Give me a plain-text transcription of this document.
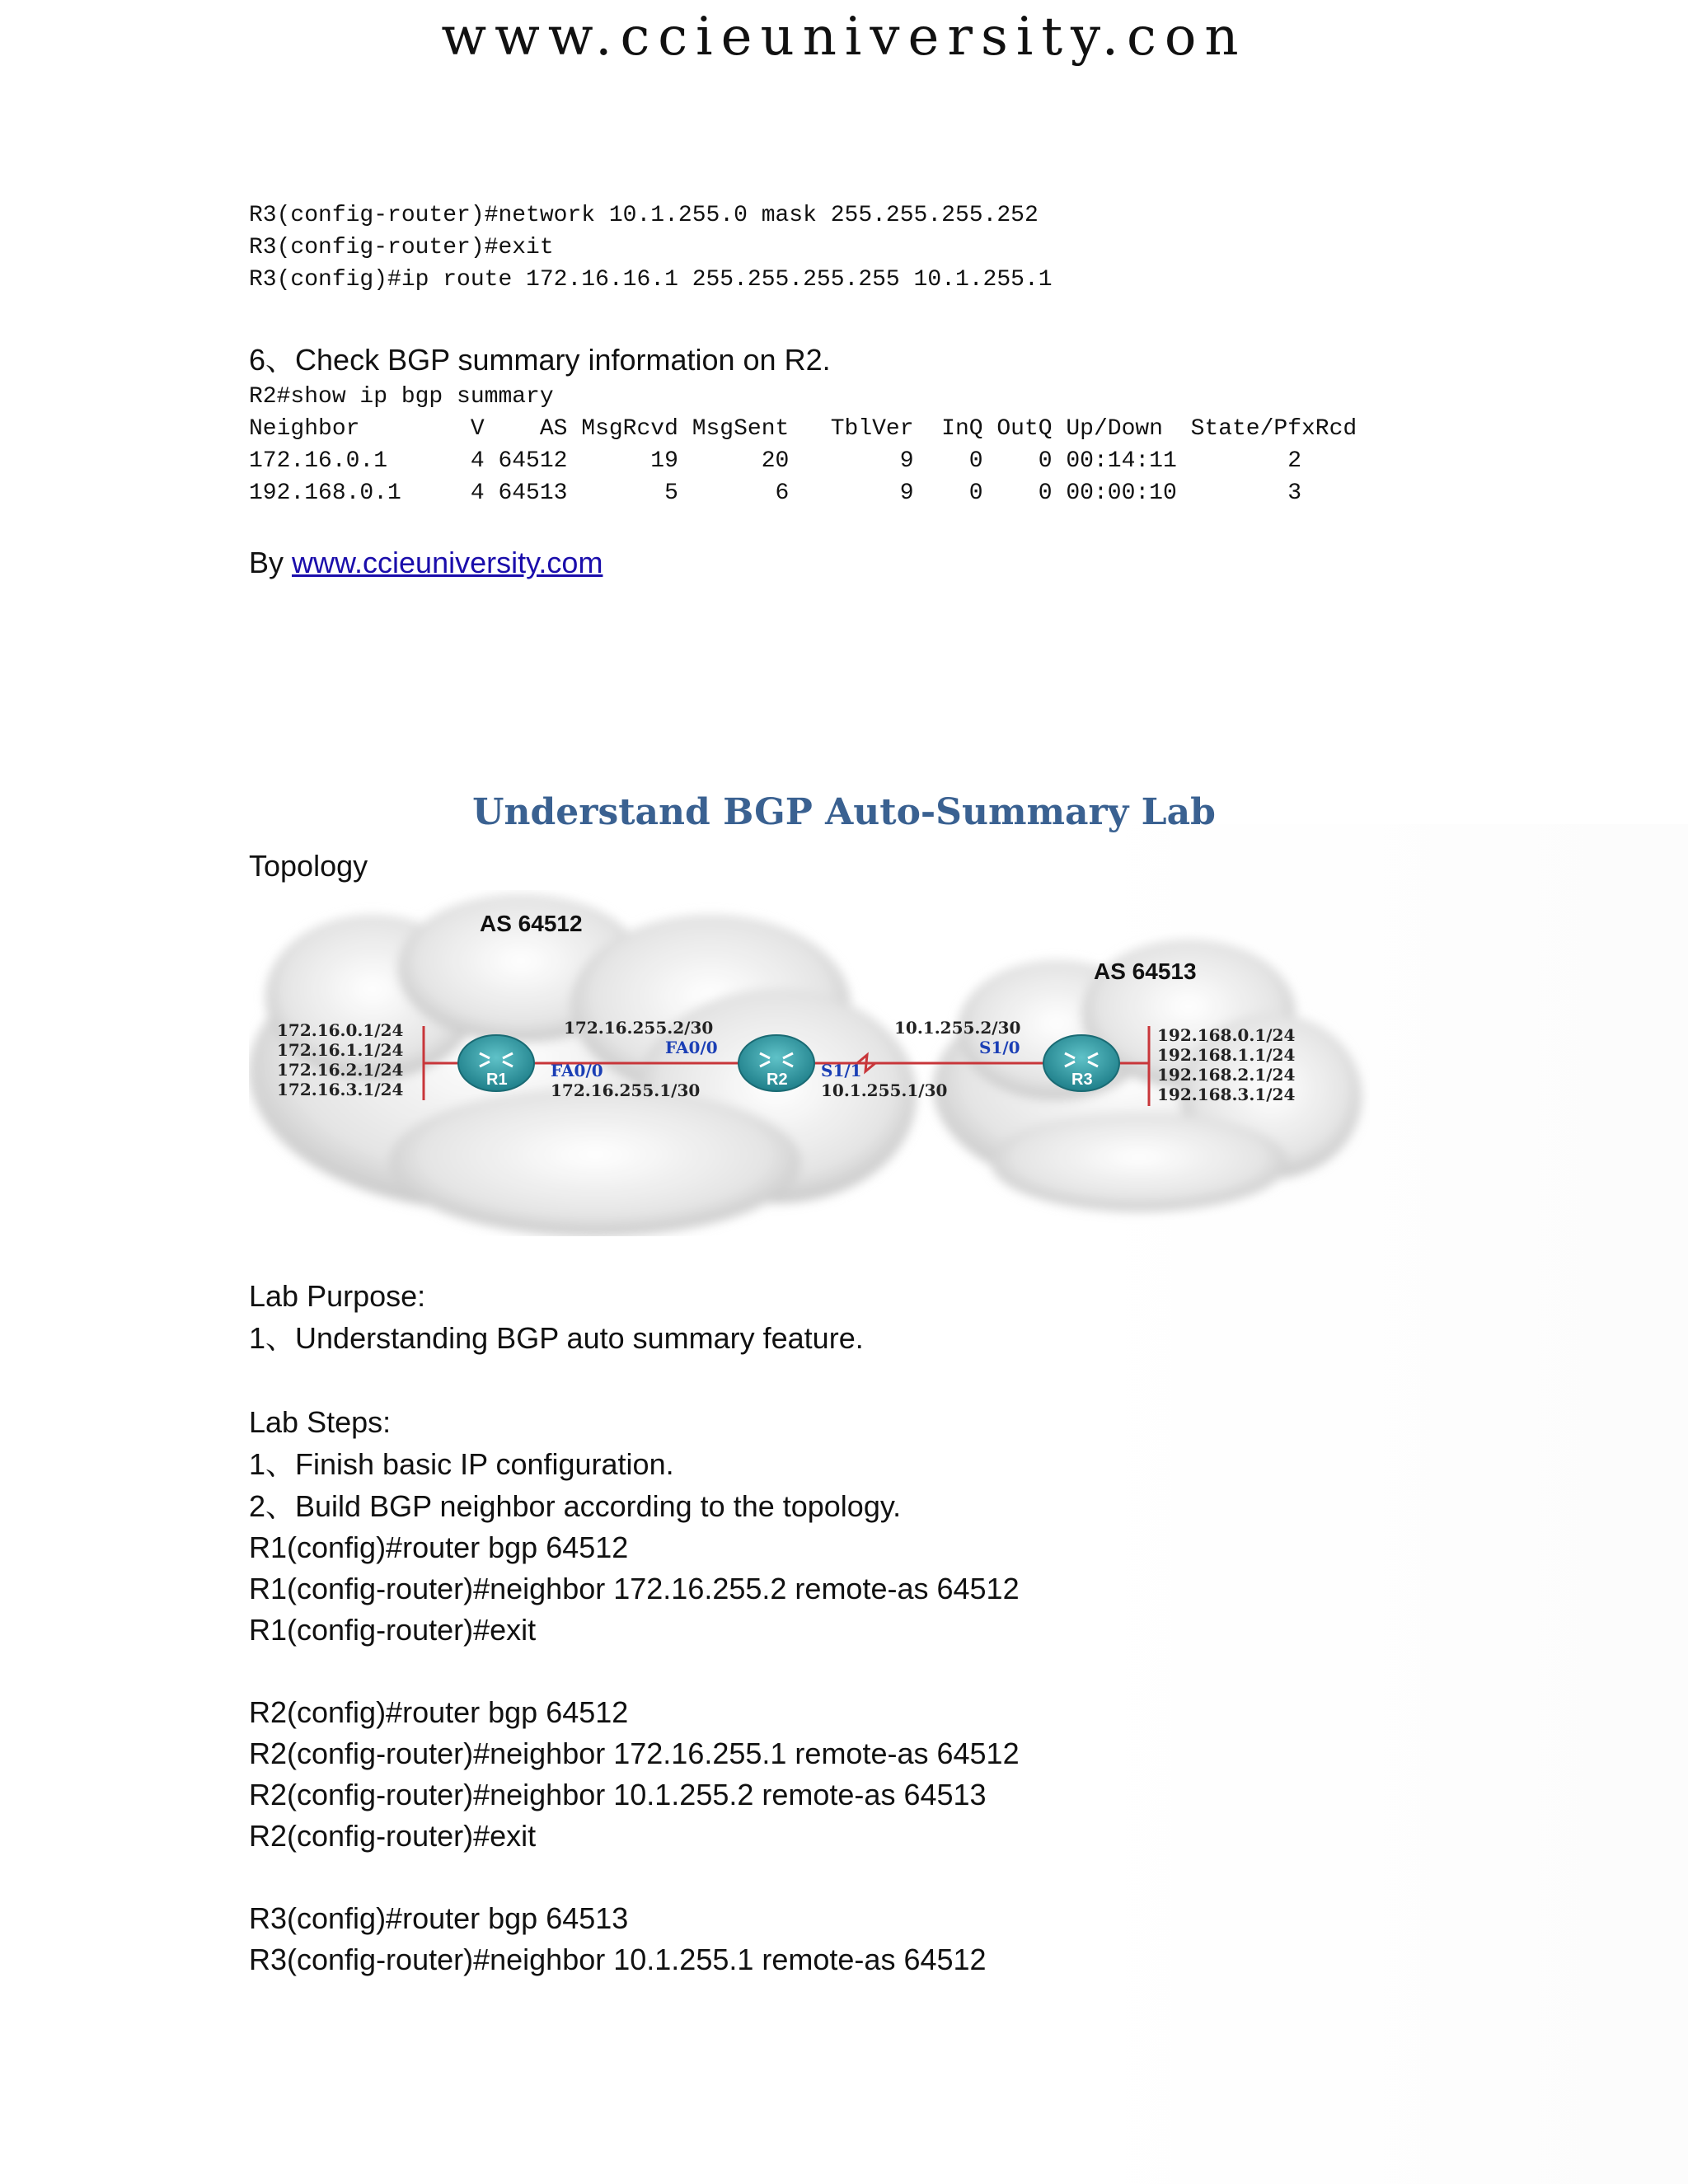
www.ccieuniversity.con

R3(config-router)#network 10.1.255.0 mask 255.255.255.252

R3(config-router)#exit

R3(config)#ip route 172.16.16.1 255.255.255.255 10.1.255.1

6、Check BGP summary information on R2.

R2#show ip bgp summary

Neighbor        V    AS MsgRcvd MsgSent   TblVer  InQ OutQ Up/Down  State/PfxRcd

172.16.0.1      4 64512      19      20        9    0    0 00:14:11        2

192.168.0.1     4 64513       5       6        9    0    0 00:00:10        3

By www.ccieuniversity.com

Understand BGP Auto-Summary Lab

Topology

AS 64512
AS 64513
172.16.0.1/24
172.16.1.1/24
172.16.2.1/24
172.16.3.1/24
192.168.0.1/24
192.168.1.1/24
192.168.2.1/24
192.168.3.1/24
R1	R2	R3
172.16.255.2/30
FA0/0
FA0/0
172.16.255.1/30
10.1.255.2/30
S1/0
S1/1
10.1.255.1/30

Lab Purpose:

1、Understanding BGP auto summary feature.

Lab Steps:

1、Finish basic IP configuration.

2、Build BGP neighbor according to the topology.

R1(config)#router bgp 64512

R1(config-router)#neighbor 172.16.255.2 remote-as 64512

R1(config-router)#exit

R2(config)#router bgp 64512

R2(config-router)#neighbor 172.16.255.1 remote-as 64512

R2(config-router)#neighbor 10.1.255.2 remote-as 64513

R2(config-router)#exit

R3(config)#router bgp 64513

R3(config-router)#neighbor 10.1.255.1 remote-as 64512
